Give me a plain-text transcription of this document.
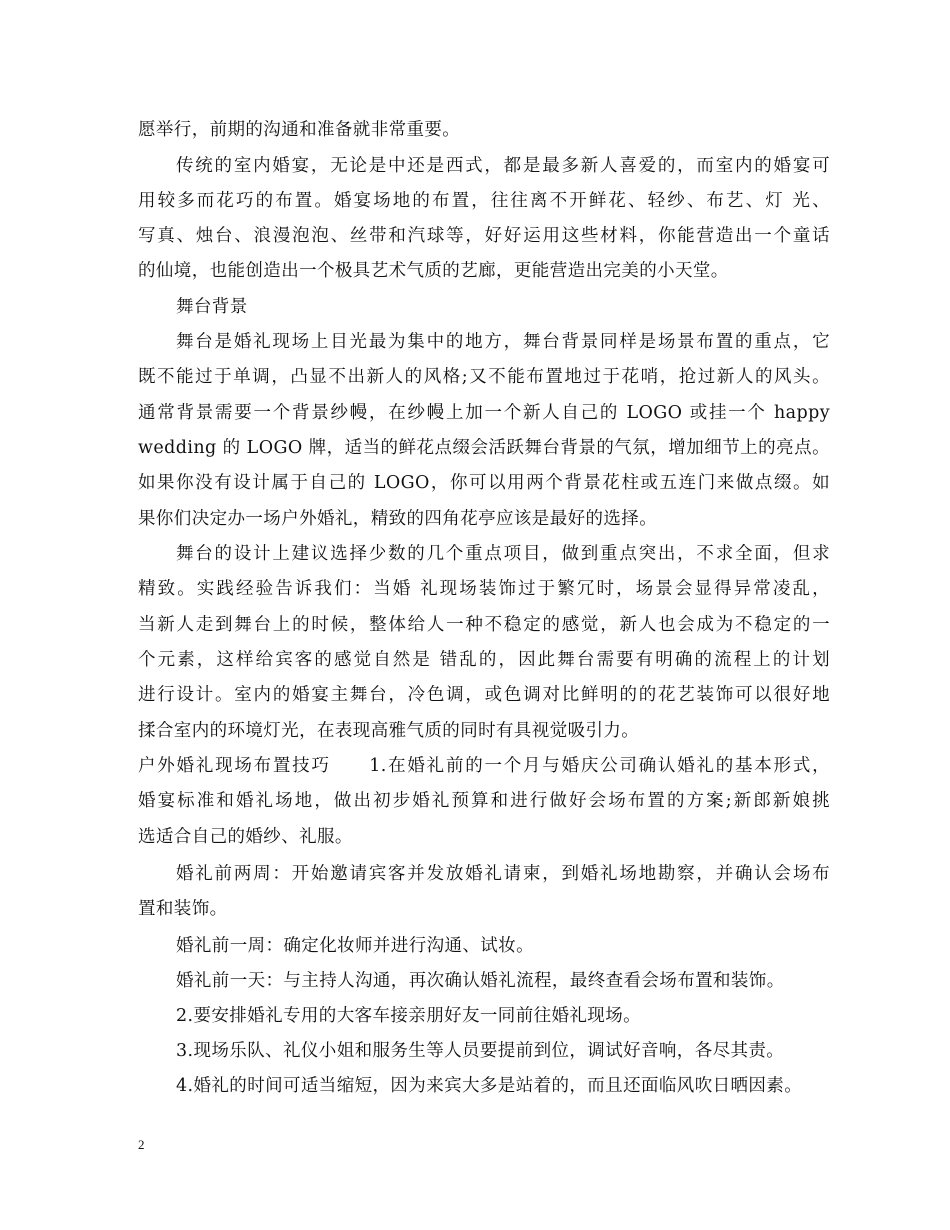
愿举行，前期的沟通和准备就非常重要。
传统的室内婚宴，无论是中还是西式，都是最多新人喜爱的，而室内的婚宴可
用较多而花巧的布置。婚宴场地的布置，往往离不开鲜花、轻纱、布艺、灯 光、
写真、烛台、浪漫泡泡、丝带和汽球等，好好运用这些材料，你能营造出一个童话
的仙境，也能创造出一个极具艺术气质的艺廊，更能营造出完美的小天堂。
舞台背景
舞台是婚礼现场上目光最为集中的地方，舞台背景同样是场景布置的重点，它
既不能过于单调，凸显不出新人的风格;又不能布置地过于花哨，抢过新人的风头。
通常背景需要一个背景纱幔，在纱幔上加一个新人自己的 LOGO 或挂一个 happy
wedding 的 LOGO 牌，适当的鲜花点缀会活跃舞台背景的气氛，增加细节上的亮点。
如果你没有设计属于自己的 LOGO，你可以用两个背景花柱或五连门来做点缀。如
果你们决定办一场户外婚礼，精致的四角花亭应该是最好的选择。
舞台的设计上建议选择少数的几个重点项目，做到重点突出，不求全面，但求
精致。实践经验告诉我们：当婚 礼现场装饰过于繁冗时，场景会显得异常凌乱，
当新人走到舞台上的时候，整体给人一种不稳定的感觉，新人也会成为不稳定的一
个元素，这样给宾客的感觉自然是 错乱的，因此舞台需要有明确的流程上的计划
进行设计。室内的婚宴主舞台，冷色调，或色调对比鲜明的的花艺装饰可以很好地
揉合室内的环境灯光，在表现高雅气质的同时有具视觉吸引力。
户外婚礼现场布置技巧　　1.在婚礼前的一个月与婚庆公司确认婚礼的基本形式，
婚宴标准和婚礼场地，做出初步婚礼预算和进行做好会场布置的方案;新郎新娘挑
选适合自己的婚纱、礼服。
婚礼前两周：开始邀请宾客并发放婚礼请柬，到婚礼场地勘察，并确认会场布
置和装饰。
婚礼前一周：确定化妆师并进行沟通、试妆。
婚礼前一天：与主持人沟通，再次确认婚礼流程，最终查看会场布置和装饰。
2.要安排婚礼专用的大客车接亲朋好友一同前往婚礼现场。
3.现场乐队、礼仪小姐和服务生等人员要提前到位，调试好音响，各尽其责。
4.婚礼的时间可适当缩短，因为来宾大多是站着的，而且还面临风吹日晒因素。
2
